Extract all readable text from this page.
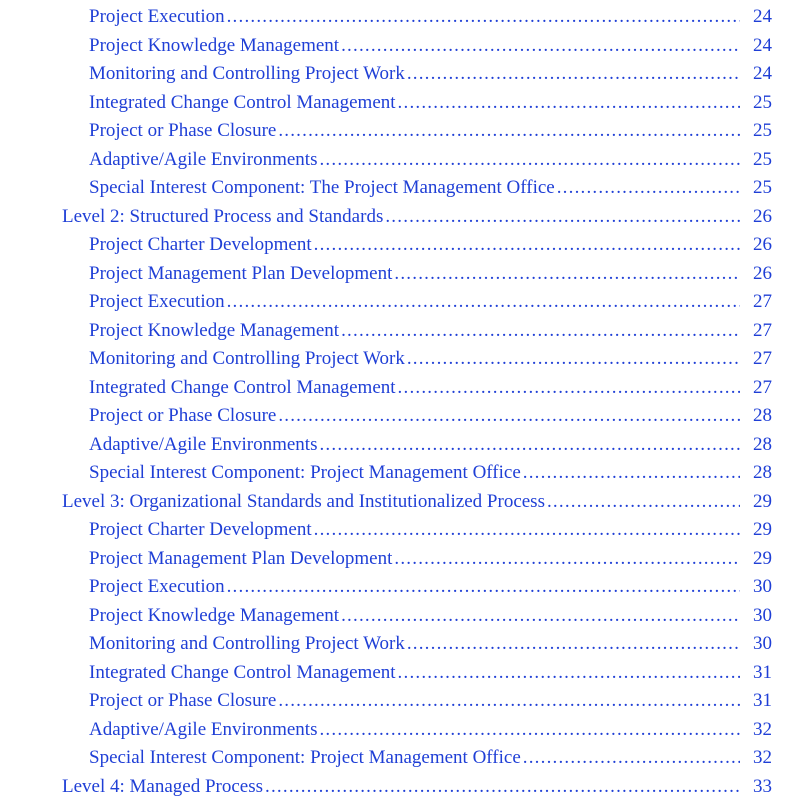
Project Execution .....	24
Project Knowledge Management .....	24
Monitoring and Controlling Project Work .....	24
Integrated Change Control Management .....	25
Project or Phase Closure .....	25
Adaptive/Agile Environments .....	25
Special Interest Component: The Project Management Office .....	25
Level 2: Structured Process and Standards .....	26
Project Charter Development .....	26
Project Management Plan Development .....	26
Project Execution .....	27
Project Knowledge Management .....	27
Monitoring and Controlling Project Work .....	27
Integrated Change Control Management .....	27
Project or Phase Closure .....	28
Adaptive/Agile Environments .....	28
Special Interest Component: Project Management Office .....	28
Level 3: Organizational Standards and Institutionalized Process .....	29
Project Charter Development .....	29
Project Management Plan Development .....	29
Project Execution .....	30
Project Knowledge Management .....	30
Monitoring and Controlling Project Work .....	30
Integrated Change Control Management .....	31
Project or Phase Closure .....	31
Adaptive/Agile Environments .....	32
Special Interest Component: Project Management Office .....	32
Level 4: Managed Process .....	33
